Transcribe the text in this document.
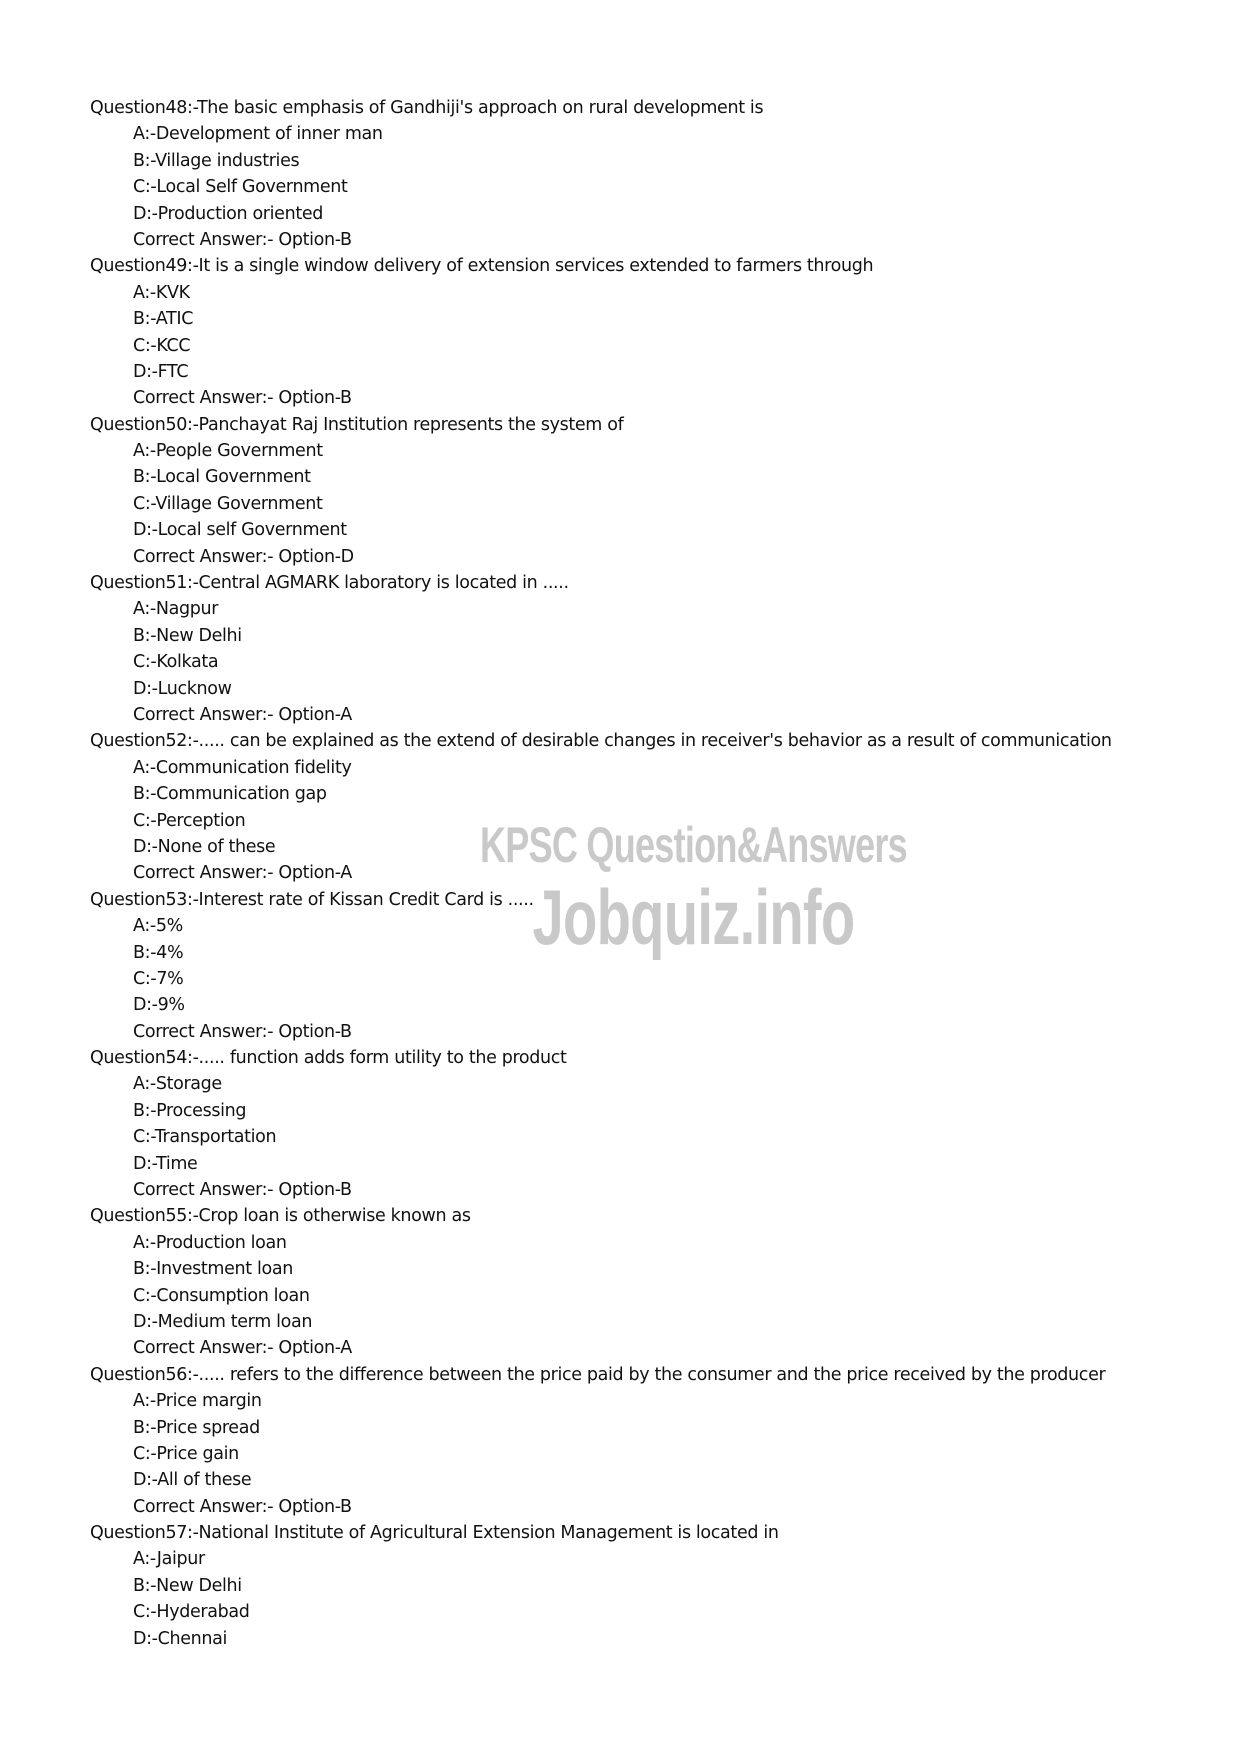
Question48:-The basic emphasis of Gandhiji's approach on rural development is
A:-Development of inner man
B:-Village industries
C:-Local Self Government
D:-Production oriented
Correct Answer:- Option-B
Question49:-It is a single window delivery of extension services extended to farmers through
A:-KVK
B:-ATIC
C:-KCC
D:-FTC
Correct Answer:- Option-B
Question50:-Panchayat Raj Institution represents the system of
A:-People Government
B:-Local Government
C:-Village Government
D:-Local self Government
Correct Answer:- Option-D
Question51:-Central AGMARK laboratory is located in .....
A:-Nagpur
B:-New Delhi
C:-Kolkata
D:-Lucknow
Correct Answer:- Option-A
Question52:-..... can be explained as the extend of desirable changes in receiver's behavior as a result of communication
A:-Communication fidelity
B:-Communication gap
C:-Perception
D:-None of these
Correct Answer:- Option-A
Question53:-Interest rate of Kissan Credit Card is .....
A:-5%
B:-4%
C:-7%
D:-9%
Correct Answer:- Option-B
Question54:-..... function adds form utility to the product
A:-Storage
B:-Processing
C:-Transportation
D:-Time
Correct Answer:- Option-B
Question55:-Crop loan is otherwise known as
A:-Production loan
B:-Investment loan
C:-Consumption loan
D:-Medium term loan
Correct Answer:- Option-A
Question56:-..... refers to the difference between the price paid by the consumer and the price received by the producer
A:-Price margin
B:-Price spread
C:-Price gain
D:-All of these
Correct Answer:- Option-B
Question57:-National Institute of Agricultural Extension Management is located in
A:-Jaipur
B:-New Delhi
C:-Hyderabad
D:-Chennai
KPSC Question&Answers
Jobquiz.info
